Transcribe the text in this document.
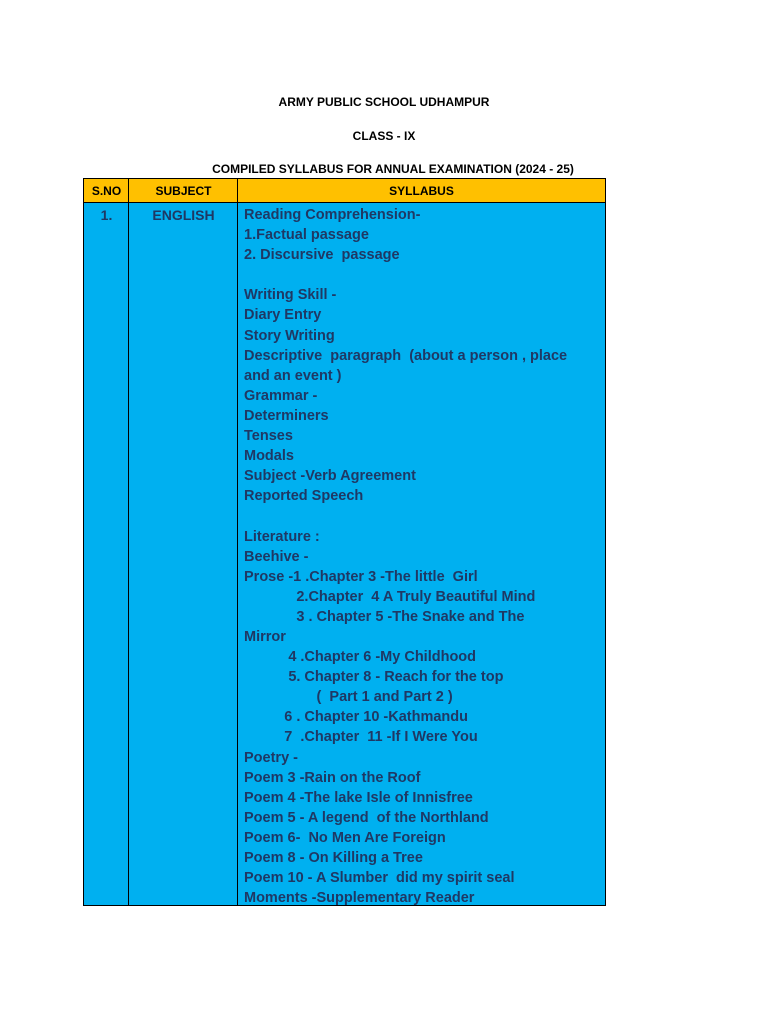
ARMY PUBLIC SCHOOL UDHAMPUR
CLASS - IX
COMPILED SYLLABUS FOR ANNUAL EXAMINATION (2024 - 25)
S.NO	SUBJECT	SYLLABUS
1.	ENGLISH	Reading Comprehension-
1.Factual passage
2. Discursive  passage
Writing Skill -
Diary Entry
Story Writing
Descriptive  paragraph  (about a person , place
and an event )
Grammar -
Determiners
Tenses
Modals
Subject -Verb Agreement
Reported Speech
Literature :
Beehive -
Prose -1 .Chapter 3 -The little  Girl
2.Chapter  4 A Truly Beautiful Mind
3 . Chapter 5 -The Snake and The
Mirror
4 .Chapter 6 -My Childhood
5. Chapter 8 - Reach for the top
(  Part 1 and Part 2 )
6 . Chapter 10 -Kathmandu
7  .Chapter  11 -If I Were You
Poetry -
Poem 3 -Rain on the Roof
Poem 4 -The lake Isle of Innisfree
Poem 5 - A legend  of the Northland
Poem 6-  No Men Are Foreign
Poem 8 - On Killing a Tree
Poem 10 - A Slumber  did my spirit seal
Moments -Supplementary Reader
